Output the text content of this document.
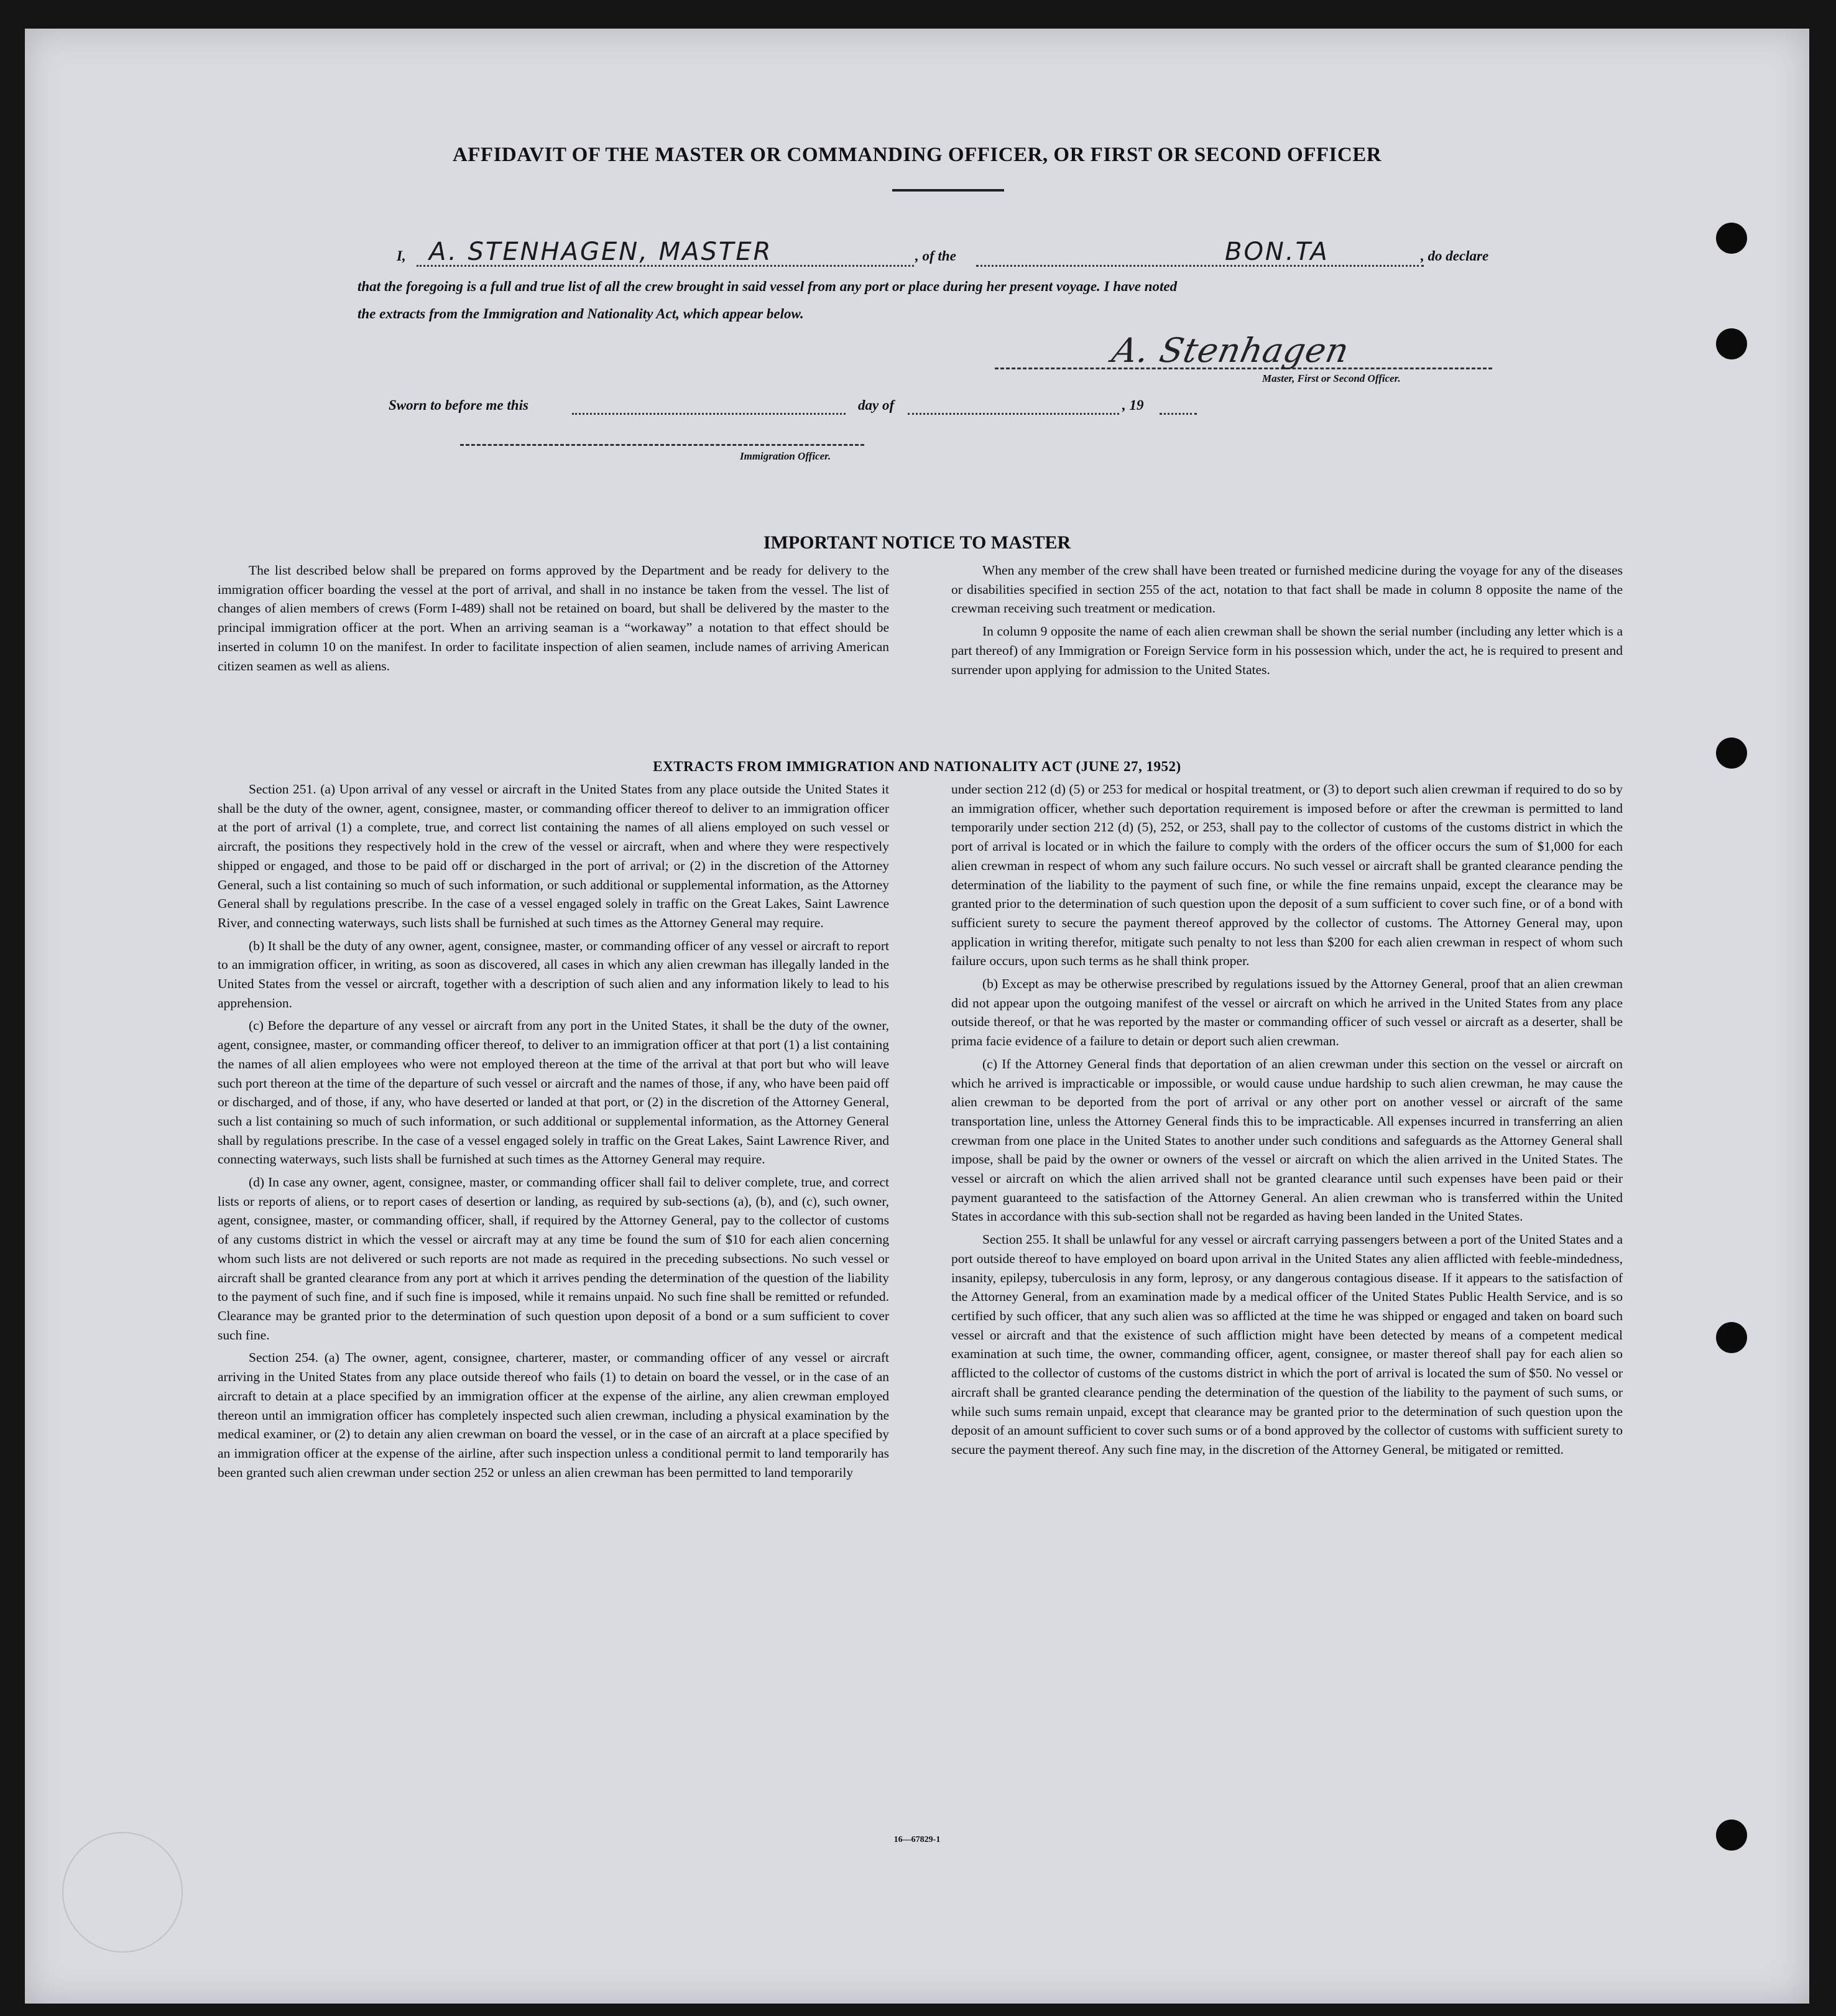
AFFIDAVIT OF THE MASTER OR COMMANDING OFFICER, OR FIRST OR SECOND OFFICER
I, A. STENHAGEN, MASTER	, of the	BON.TA	, do declare
that the foregoing is a full and true list of all the crew brought in said vessel from any port or place during her present voyage. I have noted
the extracts from the Immigration and Nationality Act, which appear below.
A. Stenhagen
Master, First or Second Officer.
Sworn to before me this	day of	, 19
Immigration Officer.
IMPORTANT NOTICE TO MASTER

The list described below shall be prepared on forms approved by the Department and be ready for delivery to the immigration officer boarding the vessel at the port of arrival, and shall in no instance be taken from the vessel. The list of changes of alien members of crews (Form I-489) shall not be retained on board, but shall be delivered by the master to the principal immigration officer at the port. When an arriving seaman is a “workaway” a notation to that effect should be inserted in column 10 on the manifest. In order to facilitate inspection of alien seamen, include names of arriving American citizen seamen as well as aliens.

When any member of the crew shall have been treated or furnished medicine during the voyage for any of the diseases or disabilities specified in section 255 of the act, notation to that fact shall be made in column 8 opposite the name of the crewman receiving such treatment or medication.

In column 9 opposite the name of each alien crewman shall be shown the serial number (including any letter which is a part thereof) of any Immigration or Foreign Service form in his possession which, under the act, he is required to present and surrender upon applying for admission to the United States.

EXTRACTS FROM IMMIGRATION AND NATIONALITY ACT (JUNE 27, 1952)

Section 251. (a) Upon arrival of any vessel or aircraft in the United States from any place outside the United States it shall be the duty of the owner, agent, consignee, master, or commanding officer thereof to deliver to an immigration officer at the port of arrival (1) a complete, true, and correct list containing the names of all aliens employed on such vessel or aircraft, the positions they respectively hold in the crew of the vessel or aircraft, when and where they were respectively shipped or engaged, and those to be paid off or discharged in the port of arrival; or (2) in the discretion of the Attorney General, such a list containing so much of such information, or such additional or supplemental information, as the Attorney General shall by regulations prescribe. In the case of a vessel engaged solely in traffic on the Great Lakes, Saint Lawrence River, and connecting waterways, such lists shall be furnished at such times as the Attorney General may require.

(b) It shall be the duty of any owner, agent, consignee, master, or commanding officer of any vessel or aircraft to report to an immigration officer, in writing, as soon as discovered, all cases in which any alien crewman has illegally landed in the United States from the vessel or aircraft, together with a description of such alien and any information likely to lead to his apprehension.

(c) Before the departure of any vessel or aircraft from any port in the United States, it shall be the duty of the owner, agent, consignee, master, or commanding officer thereof, to deliver to an immigration officer at that port (1) a list containing the names of all alien employees who were not employed thereon at the time of the arrival at that port but who will leave such port thereon at the time of the departure of such vessel or aircraft and the names of those, if any, who have been paid off or discharged, and of those, if any, who have deserted or landed at that port, or (2) in the discretion of the Attorney General, such a list containing so much of such information, or such additional or supplemental information, as the Attorney General shall by regulations prescribe. In the case of a vessel engaged solely in traffic on the Great Lakes, Saint Lawrence River, and connecting waterways, such lists shall be furnished at such times as the Attorney General may require.

(d) In case any owner, agent, consignee, master, or commanding officer shall fail to deliver complete, true, and correct lists or reports of aliens, or to report cases of desertion or landing, as required by sub-sections (a), (b), and (c), such owner, agent, consignee, master, or commanding officer, shall, if required by the Attorney General, pay to the collector of customs of any customs district in which the vessel or aircraft may at any time be found the sum of $10 for each alien concerning whom such lists are not delivered or such reports are not made as required in the preceding subsections. No such vessel or aircraft shall be granted clearance from any port at which it arrives pending the determination of the question of the liability to the payment of such fine, and if such fine is imposed, while it remains unpaid. No such fine shall be remitted or refunded. Clearance may be granted prior to the determination of such question upon deposit of a bond or a sum sufficient to cover such fine.

Section 254. (a) The owner, agent, consignee, charterer, master, or commanding officer of any vessel or aircraft arriving in the United States from any place outside thereof who fails (1) to detain on board the vessel, or in the case of an aircraft to detain at a place specified by an immigration officer at the expense of the airline, any alien crewman employed thereon until an immigration officer has completely inspected such alien crewman, including a physical examination by the medical examiner, or (2) to detain any alien crewman on board the vessel, or in the case of an aircraft at a place specified by an immigration officer at the expense of the airline, after such inspection unless a conditional permit to land temporarily has been granted such alien crewman under section 252 or unless an alien crewman has been permitted to land temporarily

under section 212 (d) (5) or 253 for medical or hospital treatment, or (3) to deport such alien crewman if required to do so by an immigration officer, whether such deportation requirement is imposed before or after the crewman is permitted to land temporarily under section 212 (d) (5), 252, or 253, shall pay to the collector of customs of the customs district in which the port of arrival is located or in which the failure to comply with the orders of the officer occurs the sum of $1,000 for each alien crewman in respect of whom any such failure occurs. No such vessel or aircraft shall be granted clearance pending the determination of the liability to the payment of such fine, or while the fine remains unpaid, except the clearance may be granted prior to the determination of such question upon the deposit of a sum sufficient to cover such fine, or of a bond with sufficient surety to secure the payment thereof approved by the collector of customs. The Attorney General may, upon application in writing therefor, mitigate such penalty to not less than $200 for each alien crewman in respect of whom such failure occurs, upon such terms as he shall think proper.

(b) Except as may be otherwise prescribed by regulations issued by the Attorney General, proof that an alien crewman did not appear upon the outgoing manifest of the vessel or aircraft on which he arrived in the United States from any place outside thereof, or that he was reported by the master or commanding officer of such vessel or aircraft as a deserter, shall be prima facie evidence of a failure to detain or deport such alien crewman.

(c) If the Attorney General finds that deportation of an alien crewman under this section on the vessel or aircraft on which he arrived is impracticable or impossible, or would cause undue hardship to such alien crewman, he may cause the alien crewman to be deported from the port of arrival or any other port on another vessel or aircraft of the same transportation line, unless the Attorney General finds this to be impracticable. All expenses incurred in transferring an alien crewman from one place in the United States to another under such conditions and safeguards as the Attorney General shall impose, shall be paid by the owner or owners of the vessel or aircraft on which the alien arrived in the United States. The vessel or aircraft on which the alien arrived shall not be granted clearance until such expenses have been paid or their payment guaranteed to the satisfaction of the Attorney General. An alien crewman who is transferred within the United States in accordance with this sub-section shall not be regarded as having been landed in the United States.

Section 255. It shall be unlawful for any vessel or aircraft carrying passengers between a port of the United States and a port outside thereof to have employed on board upon arrival in the United States any alien afflicted with feeble-mindedness, insanity, epilepsy, tuberculosis in any form, leprosy, or any dangerous contagious disease. If it appears to the satisfaction of the Attorney General, from an examination made by a medical officer of the United States Public Health Service, and is so certified by such officer, that any such alien was so afflicted at the time he was shipped or engaged and taken on board such vessel or aircraft and that the existence of such affliction might have been detected by means of a competent medical examination at such time, the owner, commanding officer, agent, consignee, or master thereof shall pay for each alien so afflicted to the collector of customs of the customs district in which the port of arrival is located the sum of $50. No vessel or aircraft shall be granted clearance pending the determination of the question of the liability to the payment of such sums, or while such sums remain unpaid, except that clearance may be granted prior to the determination of such question upon the deposit of an amount sufficient to cover such sums or of a bond approved by the collector of customs with sufficient surety to secure the payment thereof. Any such fine may, in the discretion of the Attorney General, be mitigated or remitted.

16—67829-1
